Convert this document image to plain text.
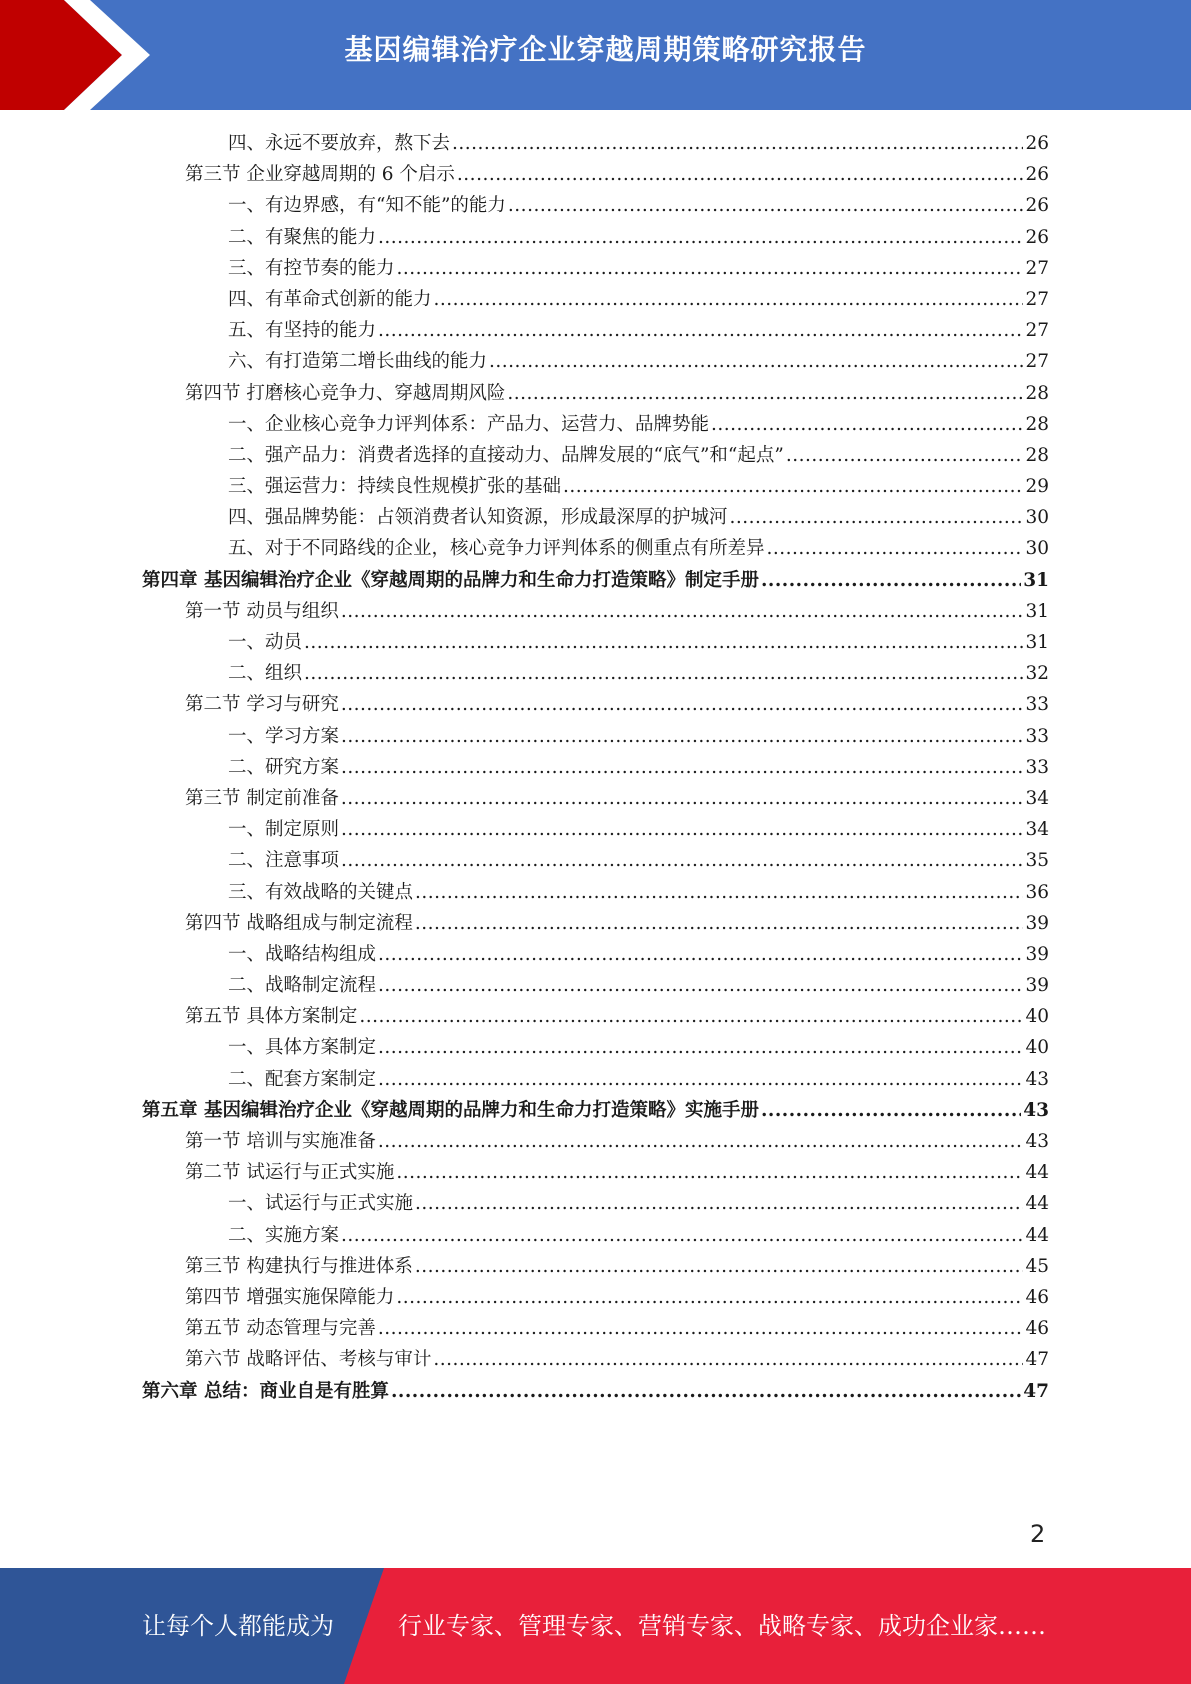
基因编辑治疗企业穿越周期策略研究报告
四、永远不要放弃，熬下去 .....	26
第三节 企业穿越周期的 6 个启示 .....	26
一、有边界感，有“知不能”的能力 .....	26
二、有聚焦的能力 .....	26
三、有控节奏的能力 .....	27
四、有革命式创新的能力 .....	27
五、有坚持的能力 .....	27
六、有打造第二增长曲线的能力 .....	27
第四节 打磨核心竞争力、穿越周期风险 .....	28
一、企业核心竞争力评判体系：产品力、运营力、品牌势能 .....	28
二、强产品力：消费者选择的直接动力、品牌发展的“底气”和“起点” .....	28
三、强运营力：持续良性规模扩张的基础 .....	29
四、强品牌势能：占领消费者认知资源，形成最深厚的护城河 .....	30
五、对于不同路线的企业，核心竞争力评判体系的侧重点有所差异 .....	30
第四章 基因编辑治疗企业《穿越周期的品牌力和生命力打造策略》制定手册 .....	31
第一节 动员与组织 .....	31
一、动员 .....	31
二、组织 .....	32
第二节 学习与研究 .....	33
一、学习方案 .....	33
二、研究方案 .....	33
第三节 制定前准备 .....	34
一、制定原则 .....	34
二、注意事项 .....	35
三、有效战略的关键点 .....	36
第四节 战略组成与制定流程 .....	39
一、战略结构组成 .....	39
二、战略制定流程 .....	39
第五节 具体方案制定 .....	40
一、具体方案制定 .....	40
二、配套方案制定 .....	43
第五章 基因编辑治疗企业《穿越周期的品牌力和生命力打造策略》实施手册 .....	43
第一节 培训与实施准备 .....	43
第二节 试运行与正式实施 .....	44
一、试运行与正式实施 .....	44
二、实施方案 .....	44
第三节 构建执行与推进体系 .....	45
第四节 增强实施保障能力 .....	46
第五节 动态管理与完善 .....	46
第六节 战略评估、考核与审计 .....	47
第六章 总结：商业自是有胜算 .....	47
2
让每个人都能成为	行业专家、管理专家、营销专家、战略专家、成功企业家……
